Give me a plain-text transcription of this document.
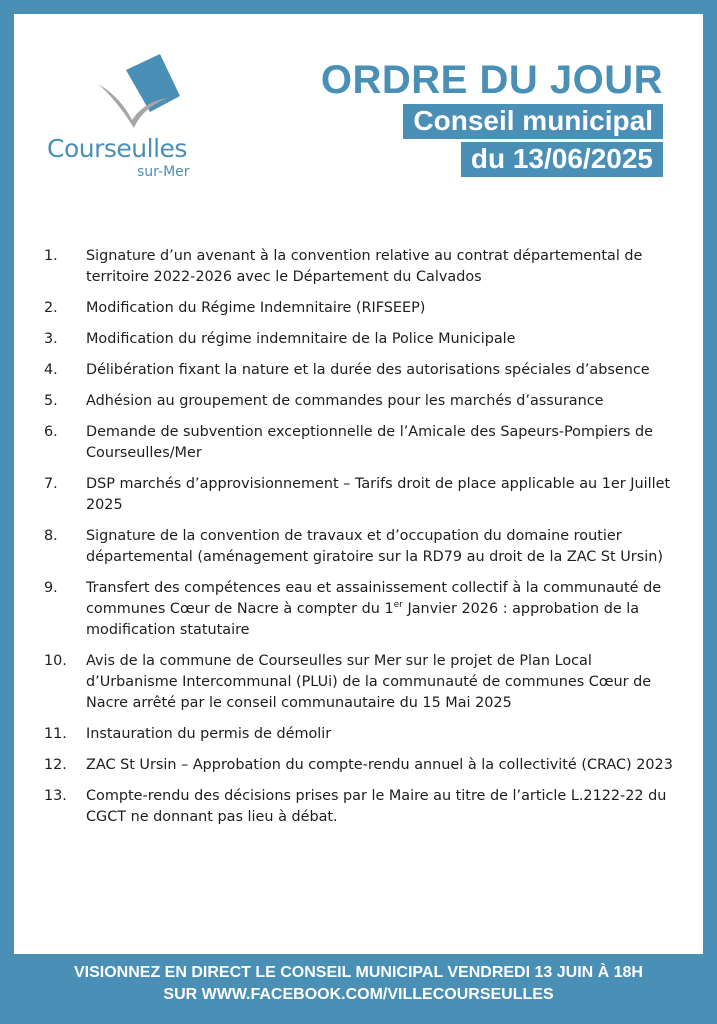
Courseulles
sur-Mer
ORDRE DU JOUR
Conseil municipal
du 13/06/2025
1.	Signature d’un avenant à la convention relative au contrat départemental de territoire 2022-2026 avec le Département du Calvados
2.	Modification du Régime Indemnitaire (RIFSEEP)
3.	Modification du régime indemnitaire de la Police Municipale
4.	Délibération fixant la nature et la durée des autorisations spéciales d’absence
5.	Adhésion au groupement de commandes pour les marchés d’assurance
6.	Demande de subvention exceptionnelle de l’Amicale des Sapeurs-Pompiers de Courseulles/Mer
7.	DSP marchés d’approvisionnement – Tarifs droit de place applicable au 1er Juillet 2025
8.	Signature de la convention de travaux et d’occupation du domaine routier départemental (aménagement giratoire sur la RD79 au droit de la ZAC St Ursin)
9.	Transfert des compétences eau et assainissement collectif à la communauté de communes Cœur de Nacre à compter du 1er Janvier 2026 : approbation de la modification statutaire
10.	Avis de la commune de Courseulles sur Mer sur le projet de Plan Local d’Urbanisme Intercommunal (PLUi) de la communauté de communes Cœur de Nacre arrêté par le conseil communautaire du 15 Mai 2025
11.	Instauration du permis de démolir
12.	ZAC St Ursin – Approbation du compte-rendu annuel à la collectivité (CRAC) 2023
13.	Compte-rendu des décisions prises par le Maire au titre de l’article L.2122-22 du CGCT ne donnant pas lieu à débat.
VISIONNEZ EN DIRECT LE CONSEIL MUNICIPAL VENDREDI 13 JUIN À 18H
SUR WWW.FACEBOOK.COM/VILLECOURSEULLES
